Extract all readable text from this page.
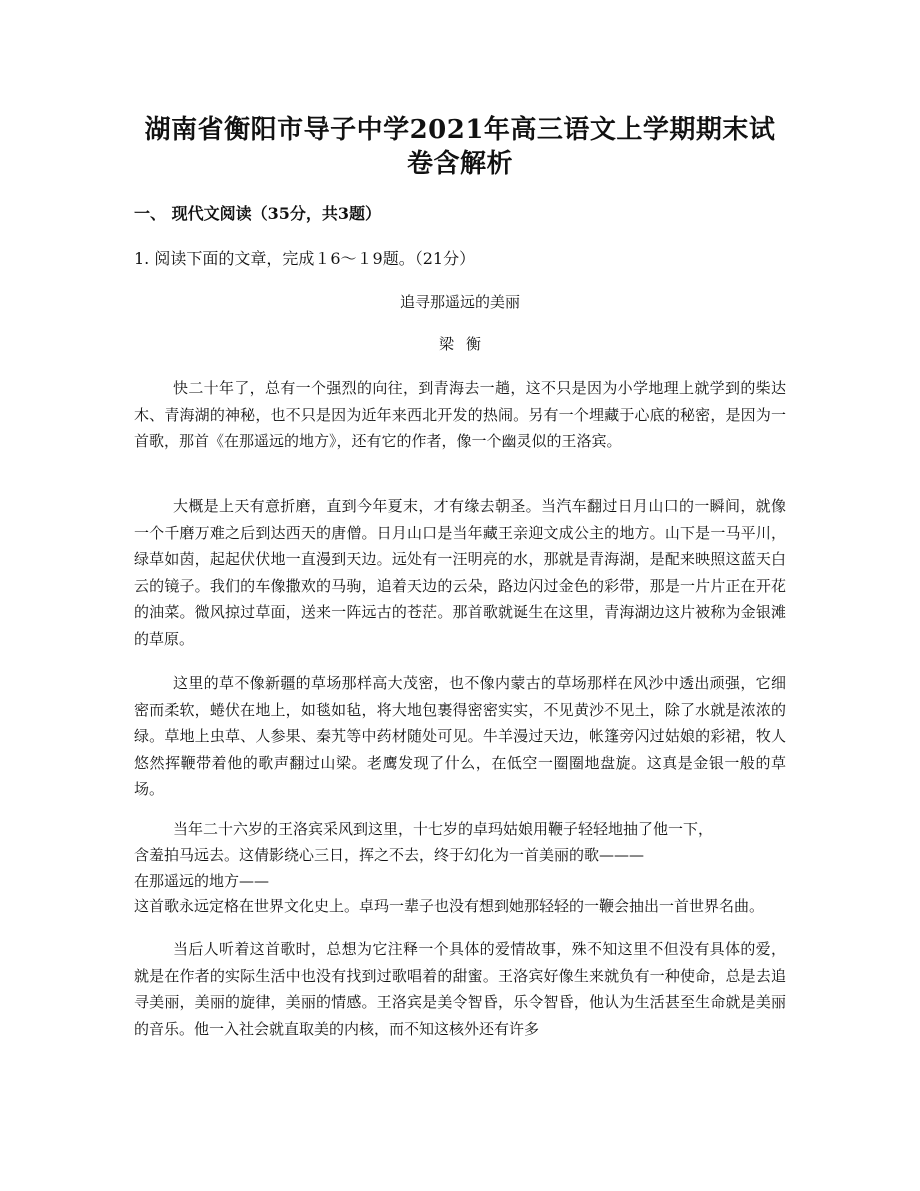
湖南省衡阳市导子中学2021年高三语文上学期期末试
卷含解析
一、 现代文阅读（35分，共3题）
1. 阅读下面的文章，完成１6～１9题。（21分）
追寻那遥远的美丽
梁衡

快二十年了，总有一个强烈的向往，到青海去一趟，这不只是因为小学地理上就学到的柴达木、青海湖的神秘，也不只是因为近年来西北开发的热闹。另有一个埋藏于心底的秘密，是因为一首歌，那首《在那遥远的地方》，还有它的作者，像一个幽灵似的王洛宾。

大概是上天有意折磨，直到今年夏末，才有缘去朝圣。当汽车翻过日月山口的一瞬间，就像一个千磨万难之后到达西天的唐僧。日月山口是当年藏王亲迎文成公主的地方。山下是一马平川，绿草如茵，起起伏伏地一直漫到天边。远处有一汪明亮的水，那就是青海湖，是配来映照这蓝天白云的镜子。我们的车像撒欢的马驹，追着天边的云朵，路边闪过金色的彩带，那是一片片正在开花的油菜。微风掠过草面，送来一阵远古的苍茫。那首歌就诞生在这里，青海湖边这片被称为金银滩的草原。

这里的草不像新疆的草场那样高大茂密，也不像内蒙古的草场那样在风沙中透出顽强，它细密而柔软，蜷伏在地上，如毯如毡，将大地包裹得密密实实，不见黄沙不见土，除了水就是浓浓的绿。草地上虫草、人参果、秦艽等中药材随处可见。牛羊漫过天边，帐篷旁闪过姑娘的彩裙，牧人悠然挥鞭带着他的歌声翻过山梁。老鹰发现了什么，在低空一圈圈地盘旋。这真是金银一般的草场。

当年二十六岁的王洛宾采风到这里，十七岁的卓玛姑娘用鞭子轻轻地抽了他一下，

含羞拍马远去。这倩影绕心三日，挥之不去，终于幻化为一首美丽的歌———

在那遥远的地方——

这首歌永远定格在世界文化史上。卓玛一辈子也没有想到她那轻轻的一鞭会抽出一首世界名曲。

当后人听着这首歌时，总想为它注释一个具体的爱情故事，殊不知这里不但没有具体的爱，就是在作者的实际生活中也没有找到过歌唱着的甜蜜。王洛宾好像生来就负有一种使命，总是去追寻美丽，美丽的旋律，美丽的情感。王洛宾是美令智昏，乐令智昏，他认为生活甚至生命就是美丽的音乐。他一入社会就直取美的内核，而不知这核外还有许多
